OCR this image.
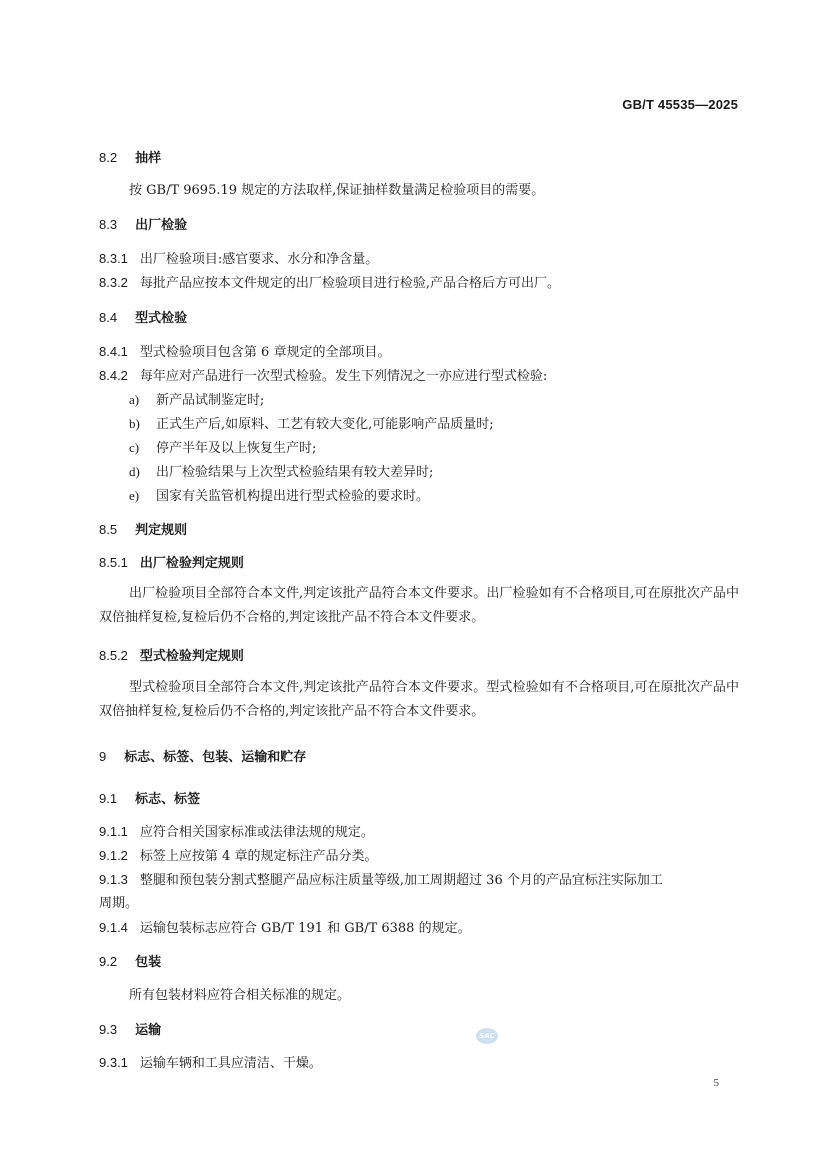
GB/T 45535—2025
8.2 抽样
按 GB/T 9695.19 规定的方法取样,保证抽样数量满足检验项目的需要。
8.3 出厂检验
8.3.1 出厂检验项目:感官要求、水分和净含量。
8.3.2 每批产品应按本文件规定的出厂检验项目进行检验,产品合格后方可出厂。
8.4 型式检验
8.4.1 型式检验项目包含第 6 章规定的全部项目。
8.4.2 每年应对产品进行一次型式检验。发生下列情况之一亦应进行型式检验:
a) 新产品试制鉴定时;
b) 正式生产后,如原料、工艺有较大变化,可能影响产品质量时;
c) 停产半年及以上恢复生产时;
d) 出厂检验结果与上次型式检验结果有较大差异时;
e) 国家有关监管机构提出进行型式检验的要求时。
8.5 判定规则
8.5.1 出厂检验判定规则
出厂检验项目全部符合本文件,判定该批产品符合本文件要求。出厂检验如有不合格项目,可在原批次产品中双倍抽样复检,复检后仍不合格的,判定该批产品不符合本文件要求。
8.5.2 型式检验判定规则
型式检验项目全部符合本文件,判定该批产品符合本文件要求。型式检验如有不合格项目,可在原批次产品中双倍抽样复检,复检后仍不合格的,判定该批产品不符合本文件要求。
9 标志、标签、包装、运输和贮存
9.1 标志、标签
9.1.1 应符合相关国家标准或法律法规的规定。
9.1.2 标签上应按第 4 章的规定标注产品分类。
9.1.3 整腿和预包装分割式整腿产品应标注质量等级,加工周期超过 36 个月的产品宜标注实际加工
周期。
9.1.4 运输包装标志应符合 GB/T 191 和 GB/T 6388 的规定。
9.2 包装
所有包装材料应符合相关标准的规定。
9.3 运输
9.3.1 运输车辆和工具应清洁、干燥。
SAC
5
